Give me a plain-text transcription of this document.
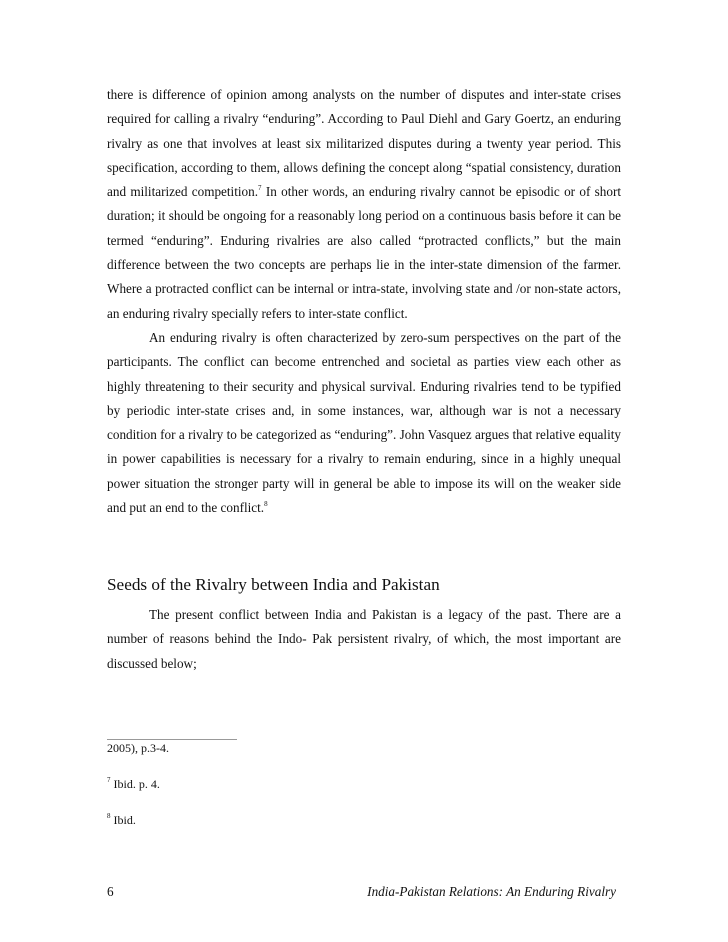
there is difference of opinion among analysts on the number of disputes and inter-state crises required for calling a rivalry “enduring”. According to Paul Diehl and Gary Goertz, an enduring rivalry as one that involves at least six militarized disputes during a twenty year period. This specification, according to them, allows defining the concept along “spatial consistency, duration and militarized competition.$^7$ In other words, an enduring rivalry cannot be episodic or of short duration; it should be ongoing for a reasonably long period on a continuous basis before it can be termed “enduring”. Enduring rivalries are also called “protracted conflicts,” but the main difference between the two concepts are perhaps lie in the inter-state dimension of the farmer. Where a protracted conflict can be internal or intra-state, involving state and /or non-state actors, an enduring rivalry specially refers to inter-state conflict.

An enduring rivalry is often characterized by zero-sum perspectives on the part of the participants. The conflict can become entrenched and societal as parties view each other as highly threatening to their security and physical survival. Enduring rivalries tend to be typified by periodic inter-state crises and, in some instances, war, although war is not a necessary condition for a rivalry to be categorized as “enduring”. John Vasquez argues that relative equality in power capabilities is necessary for a rivalry to remain enduring, since in a highly unequal power situation the stronger party will in general be able to impose its will on the weaker side and put an end to the conflict.$^8$

Seeds of the Rivalry between India and Pakistan

The present conflict between India and Pakistan is a legacy of the past. There are a number of reasons behind the Indo- Pak persistent rivalry, of which, the most important are discussed below;

2005), p.3-4.

$^7$ Ibid. p. 4.

$^8$ Ibid.

6	India-Pakistan Relations: An Enduring Rivalry
